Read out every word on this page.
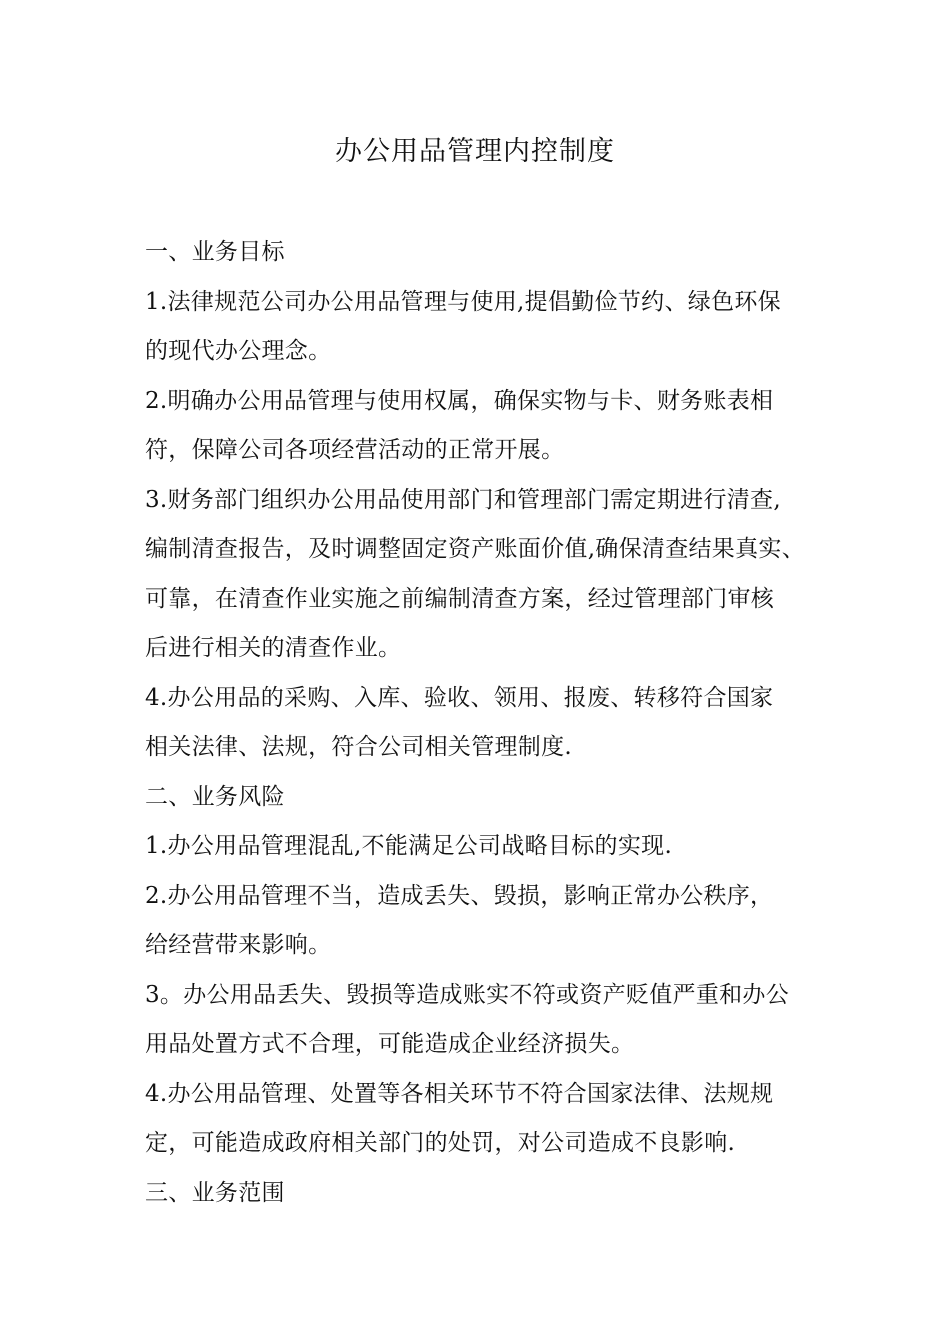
办公用品管理内控制度
一、业务目标
1.法律规范公司办公用品管理与使用,提倡勤俭节约、绿色环保
的现代办公理念。
2.明确办公用品管理与使用权属，确保实物与卡、财务账表相
符，保障公司各项经营活动的正常开展。
3.财务部门组织办公用品使用部门和管理部门需定期进行清查,
编制清查报告，及时调整固定资产账面价值,确保清查结果真实、
可靠，在清查作业实施之前编制清查方案，经过管理部门审核
后进行相关的清查作业。
4.办公用品的采购、入库、验收、领用、报废、转移符合国家
相关法律、法规，符合公司相关管理制度.
二、业务风险
1.办公用品管理混乱,不能满足公司战略目标的实现.
2.办公用品管理不当，造成丢失、毁损，影响正常办公秩序，
给经营带来影响。
3。办公用品丢失、毁损等造成账实不符或资产贬值严重和办公
用品处置方式不合理，可能造成企业经济损失。
4.办公用品管理、处置等各相关环节不符合国家法律、法规规
定，可能造成政府相关部门的处罚，对公司造成不良影响.
三、业务范围
